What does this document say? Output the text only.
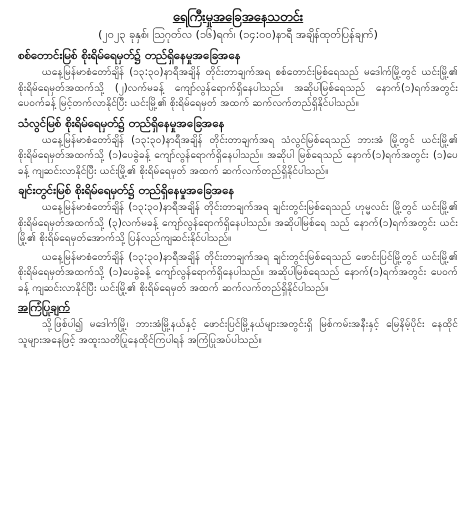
ရေကြီးမှုအခြေအနေသတင်း

(၂၀၂၃ ခုနှစ်၊ ဩဂုတ်လ (၁၆)ရက်၊ (၁၄:၀၀)နာရီ အချိန်ထုတ်ပြန်ချက်)

စစ်တောင်းမြစ် စိုးရိမ်ရေမှတ်၌ တည်ရှိနေမှုအခြေအနေ

ယနေ့မြန်မာစံတော်ချိန် (၁၃:၃၀)နာရီအချိန် တိုင်းတာချက်အရ စစ်တောင်းမြစ်ရေသည် မဒေါက်မြို့တွင် ယင်းမြို့၏ စိုးရိမ်ရေမှတ်အထက်သို့ (၂)လက်မခန့် ကျော်လွန်ရောက်ရှိနေပါသည်။ အဆိုပါမြစ်ရေသည် နောက်(၁)ရက်အတွင်း ပေ၀က်ခန့် မြင့်တက်လာနိုင်ပြီး ယင်းမြို့၏ စိုးရိမ်ရေမှတ် အထက် ဆက်လက်တည်ရှိနိုင်ပါသည်။

သံလွင်မြစ် စိုးရိမ်ရေမှတ်၌ တည်ရှိနေမှုအခြေအနေ

ယနေ့မြန်မာစံတော်ချိန် (၁၃:၃၀)နာရီအချိန် တိုင်းတာချက်အရ သံလွင်မြစ်ရေသည် ဘားအံ မြို့တွင် ယင်းမြို့၏ စိုးရိမ်ရေမှတ်အထက်သို့ (၁)ပေခွဲခန့် ကျော်လွန်ရောက်ရှိနေပါသည်။ အဆိုပါ မြစ်ရေသည် နောက်(၁)ရက်အတွင်း (၁)ပေခန့် ကျဆင်းလာနိုင်ပြီး ယင်းမြို့၏ စိုးရိမ်ရေမှတ် အထက် ဆက်လက်တည်ရှိနိုင်ပါသည်။

ချင်းတွင်းမြစ် စိုးရိမ်ရေမှတ်၌ တည်ရှိနေမှုအခြေအနေ

ယနေ့မြန်မာစံတော်ချိန် (၁၃:၃၀)နာရီအချိန် တိုင်းတာချက်အရ ချင်းတွင်းမြစ်ရေသည် ဟုမ္မလင်း မြို့တွင် ယင်းမြို့၏ စိုးရိမ်ရေမှတ်အထက်သို့ (၃)လက်မခန့် ကျော်လွန်ရောက်ရှိနေပါသည်။ အဆိုပါမြစ်ရေ သည် နောက်(၁)ရက်အတွင်း ယင်းမြို့၏ စိုးရိမ်ရေမှတ်အောက်သို့ ပြန်လည်ကျဆင်းနိုင်ပါသည်။

ယနေ့မြန်မာစံတော်ချိန် (၁၃:၃၀)နာရီအချိန် တိုင်းတာချက်အရ ချင်းတွင်းမြစ်ရေသည် ဖောင်းပြင်မြို့တွင် ယင်းမြို့၏ စိုးရိမ်ရေမှတ်အထက်သို့ (၁)ပေခွဲခန့် ကျော်လွန်ရောက်ရှိနေပါသည်။ အဆိုပါမြစ်ရေသည် နောက်(၁)ရက်အတွင်း ပေ၀က်ခန့် ကျဆင်းလာနိုင်ပြီး ယင်းမြို့၏ စိုးရိမ်ရေမှတ် အထက် ဆက်လက်တည်ရှိနိုင်ပါသည်။

အကြံပြုချက်

သို့ဖြစ်ပါ၍ မဒေါက်မြို့၊ ဘားအံမြို့နယ်နှင့် ဖောင်းပြင်မြို့နယ်များအတွင်းရှိ မြစ်ကမ်းအနီးနှင့် မြေနိမ့်ပိုင်း နေထိုင်သူများအနေဖြင့် အထူးသတိပြုနေထိုင်ကြပါရန် အကြံပြုအပ်ပါသည်။
